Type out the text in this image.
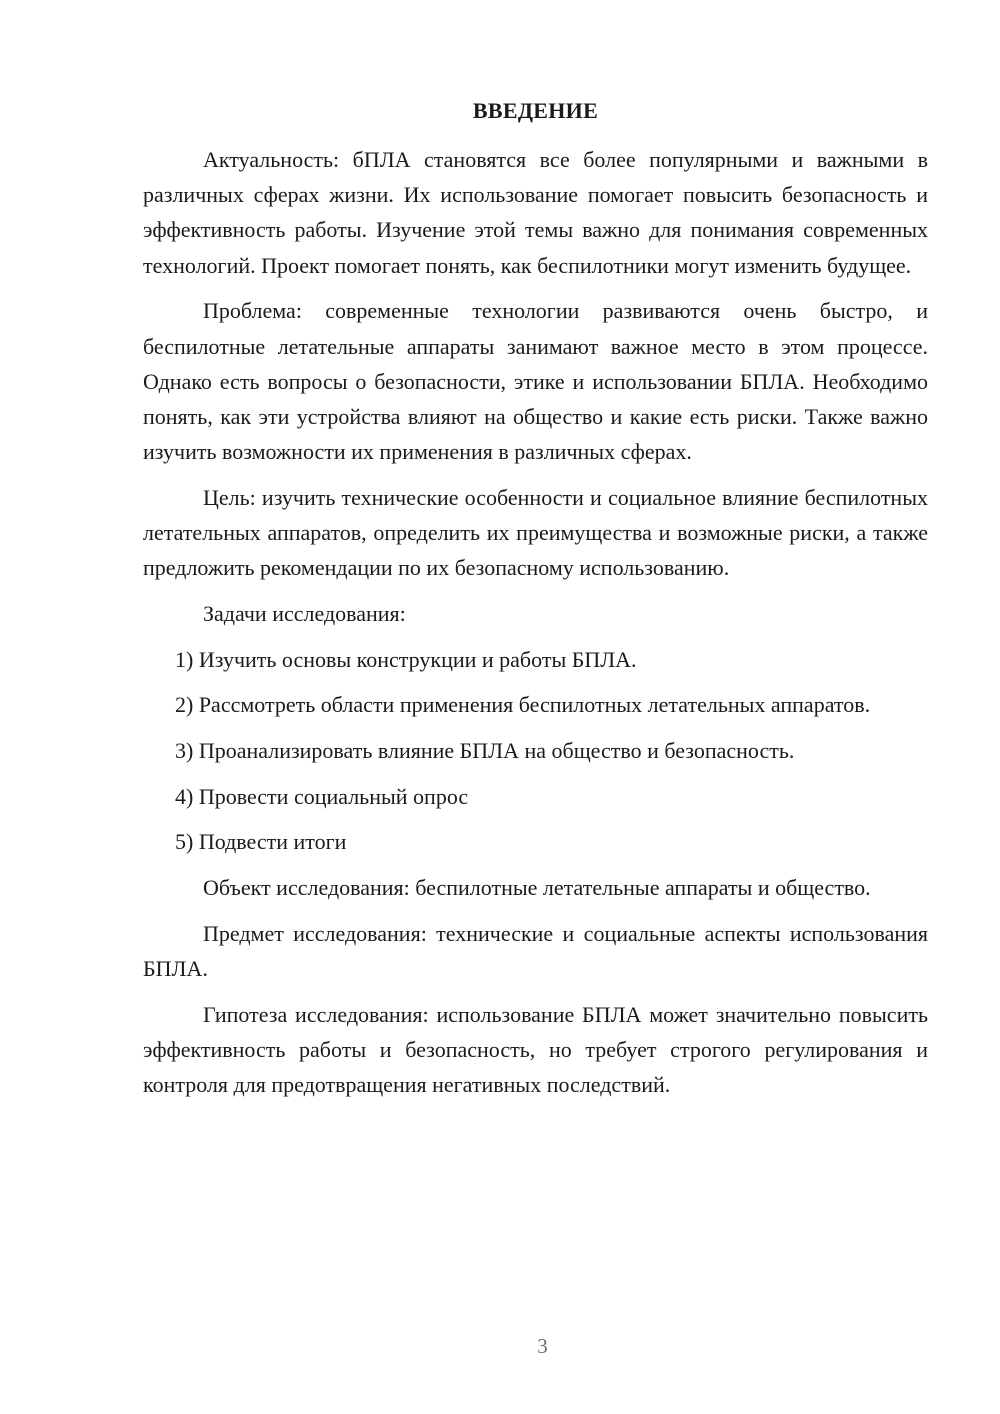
ВВЕДЕНИЕ

Актуальность: бПЛА становятся все более популярными и важными в различных сферах жизни. Их использование помогает повысить безопасность и эффективность работы. Изучение этой темы важно для понимания современных технологий. Проект помогает понять, как беспилотники могут изменить будущее.

Проблема: современные технологии развиваются очень быстро, и беспилотные летательные аппараты занимают важное место в этом процессе. Однако есть вопросы о безопасности, этике и использовании БПЛА. Необходимо понять, как эти устройства влияют на общество и какие есть риски. Также важно изучить возможности их применения в различных сферах.

Цель: изучить технические особенности и социальное влияние беспилотных летательных аппаратов, определить их преимущества и возможные риски, а также предложить рекомендации по их безопасному использованию.

Задачи исследования:

1) Изучить основы конструкции и работы БПЛА.

2) Рассмотреть области применения беспилотных летательных аппаратов.

3) Проанализировать влияние БПЛА на общество и безопасность.

4) Провести социальный опрос

5) Подвести итоги

Объект исследования: беспилотные летательные аппараты и общество.

Предмет исследования: технические и социальные аспекты использования БПЛА.

Гипотеза исследования: использование БПЛА может значительно повысить эффективность работы и безопасность, но требует строгого регулирования и контроля для предотвращения негативных последствий.

3
